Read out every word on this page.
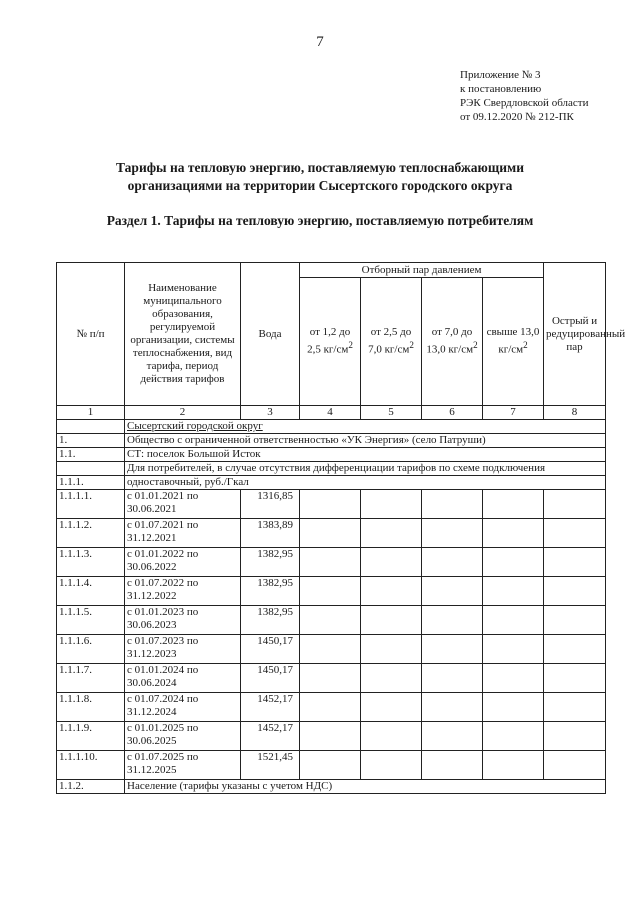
7
Приложение № 3
к постановлению
РЭК Свердловской области
от 09.12.2020 № 212-ПК
Тарифы на тепловую энергию, поставляемую теплоснабжающими
организациями на территории Сысертского городского округа
Раздел 1. Тарифы на тепловую энергию, поставляемую потребителям
№ п/п	Наименование муниципального образования, регулируемой организации, системы теплоснабжения, вид тарифа, период действия тарифов	Вода	Отборный пар давлением				Острый и редуцированный пар
			от 1,2 до 2,5 $кг/см^2$	от 2,5 до 7,0 $кг/см^2$	от 7,0 до 13,0 $кг/см^2$	свыше 13,0 $кг/см^2$
1	2	3	4	5	6	7	8
	Сысертский городской округ						
1.	Общество с ограниченной ответственностью «УК Энергия» (село Патруши)						
1.1.	СТ: поселок Большой Исток						
	Для потребителей, в случае отсутствия дифференциации тарифов по схеме подключения						
1.1.1.	одноставочный, руб./Гкал						
1.1.1.1.	с 01.01.2021 по 30.06.2021	1316,85					
1.1.1.2.	с 01.07.2021 по 31.12.2021	1383,89					
1.1.1.3.	с 01.01.2022 по 30.06.2022	1382,95					
1.1.1.4.	с 01.07.2022 по 31.12.2022	1382,95					
1.1.1.5.	с 01.01.2023 по 30.06.2023	1382,95					
1.1.1.6.	с 01.07.2023 по 31.12.2023	1450,17					
1.1.1.7.	с 01.01.2024 по 30.06.2024	1450,17					
1.1.1.8.	с 01.07.2024 по 31.12.2024	1452,17					
1.1.1.9.	с 01.01.2025 по 30.06.2025	1452,17					
1.1.1.10.	с 01.07.2025 по 31.12.2025	1521,45					
1.1.2.	Население (тарифы указаны с учетом НДС)						
